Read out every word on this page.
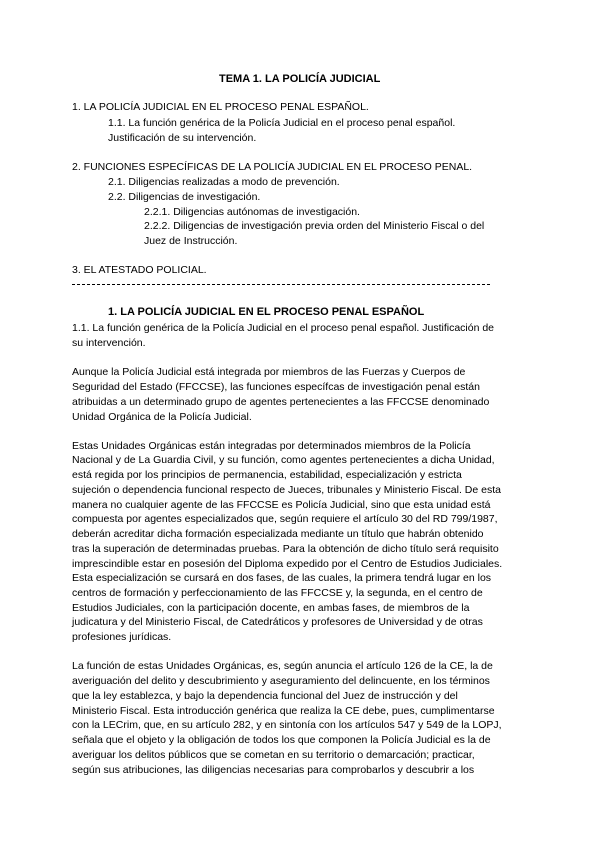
TEMA 1. LA POLICÍA JUDICIAL
1. LA POLICÍA JUDICIAL EN EL PROCESO PENAL ESPAÑOL.
1.1. La función genérica de la Policía Judicial en el proceso penal español.
Justificación de su intervención.
2. FUNCIONES ESPECÍFICAS DE LA POLICÍA JUDICIAL EN EL PROCESO PENAL.
2.1. Diligencias realizadas a modo de prevención.
2.2. Diligencias de investigación.
2.2.1. Diligencias autónomas de investigación.
2.2.2. Diligencias de investigación previa orden del Ministerio Fiscal o del
Juez de Instrucción.
3. EL ATESTADO POLICIAL.
1. LA POLICÍA JUDICIAL EN EL PROCESO PENAL ESPAÑOL
1.1. La función genérica de la Policía Judicial en el proceso penal español. Justificación de
su intervención.
Aunque la Policía Judicial está integrada por miembros de las Fuerzas y Cuerpos de
Seguridad del Estado (FFCCSE), las funciones específcas de investigación penal están
atribuidas a un determinado grupo de agentes pertenecientes a las FFCCSE denominado
Unidad Orgánica de la Policía Judicial.
Estas Unidades Orgánicas están integradas por determinados miembros de la Policía
Nacional y de La Guardia Civil, y su función, como agentes pertenecientes a dicha Unidad,
está regida por los principios de permanencia, estabilidad, especialización y estricta
sujeción o dependencia funcional respecto de Jueces, tribunales y Ministerio Fiscal. De esta
manera no cualquier agente de las FFCCSE es Policía Judicial, sino que esta unidad está
compuesta por agentes especializados que, según requiere el artículo 30 del RD 799/1987,
deberán acreditar dicha formación especializada mediante un título que habrán obtenido
tras la superación de determinadas pruebas. Para la obtención de dicho título será requisito
imprescindible estar en posesión del Diploma expedido por el Centro de Estudios Judiciales.
Esta especialización se cursará en dos fases, de las cuales, la primera tendrá lugar en los
centros de formación y perfeccionamiento de las FFCCSE y, la segunda, en el centro de
Estudios Judiciales, con la participación docente, en ambas fases, de miembros de la
judicatura y del Ministerio Fiscal, de Catedráticos y profesores de Universidad y de otras
profesiones jurídicas.
La función de estas Unidades Orgánicas, es, según anuncia el artículo 126 de la CE, la de
averiguación del delito y descubrimiento y aseguramiento del delincuente, en los términos
que la ley establezca, y bajo la dependencia funcional del Juez de instrucción y del
Ministerio Fiscal. Esta introducción genérica que realiza la CE debe, pues, cumplimentarse
con la LECrim, que, en su artículo 282, y en sintonía con los artículos 547 y 549 de la LOPJ,
señala que el objeto y la obligación de todos los que componen la Policía Judicial es la de
averiguar los delitos públicos que se cometan en su territorio o demarcación; practicar,
según sus atribuciones, las diligencias necesarias para comprobarlos y descubrir a los
